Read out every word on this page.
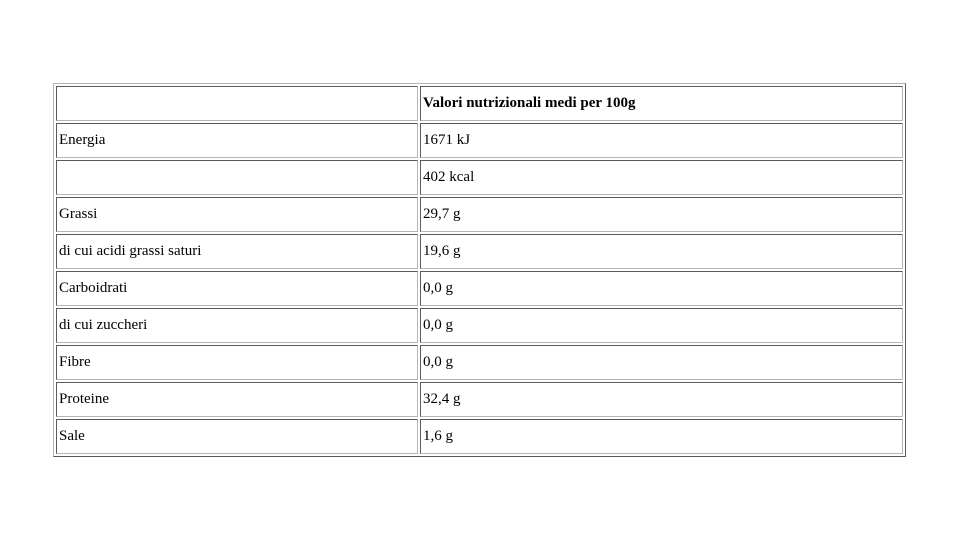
	Valori nutrizionali medi per 100g
Energia	1671 kJ
	402 kcal
Grassi	29,7 g
di cui acidi grassi saturi	19,6 g
Carboidrati	0,0 g
di cui zuccheri	0,0 g
Fibre	0,0 g
Proteine	32,4 g
Sale	1,6 g
